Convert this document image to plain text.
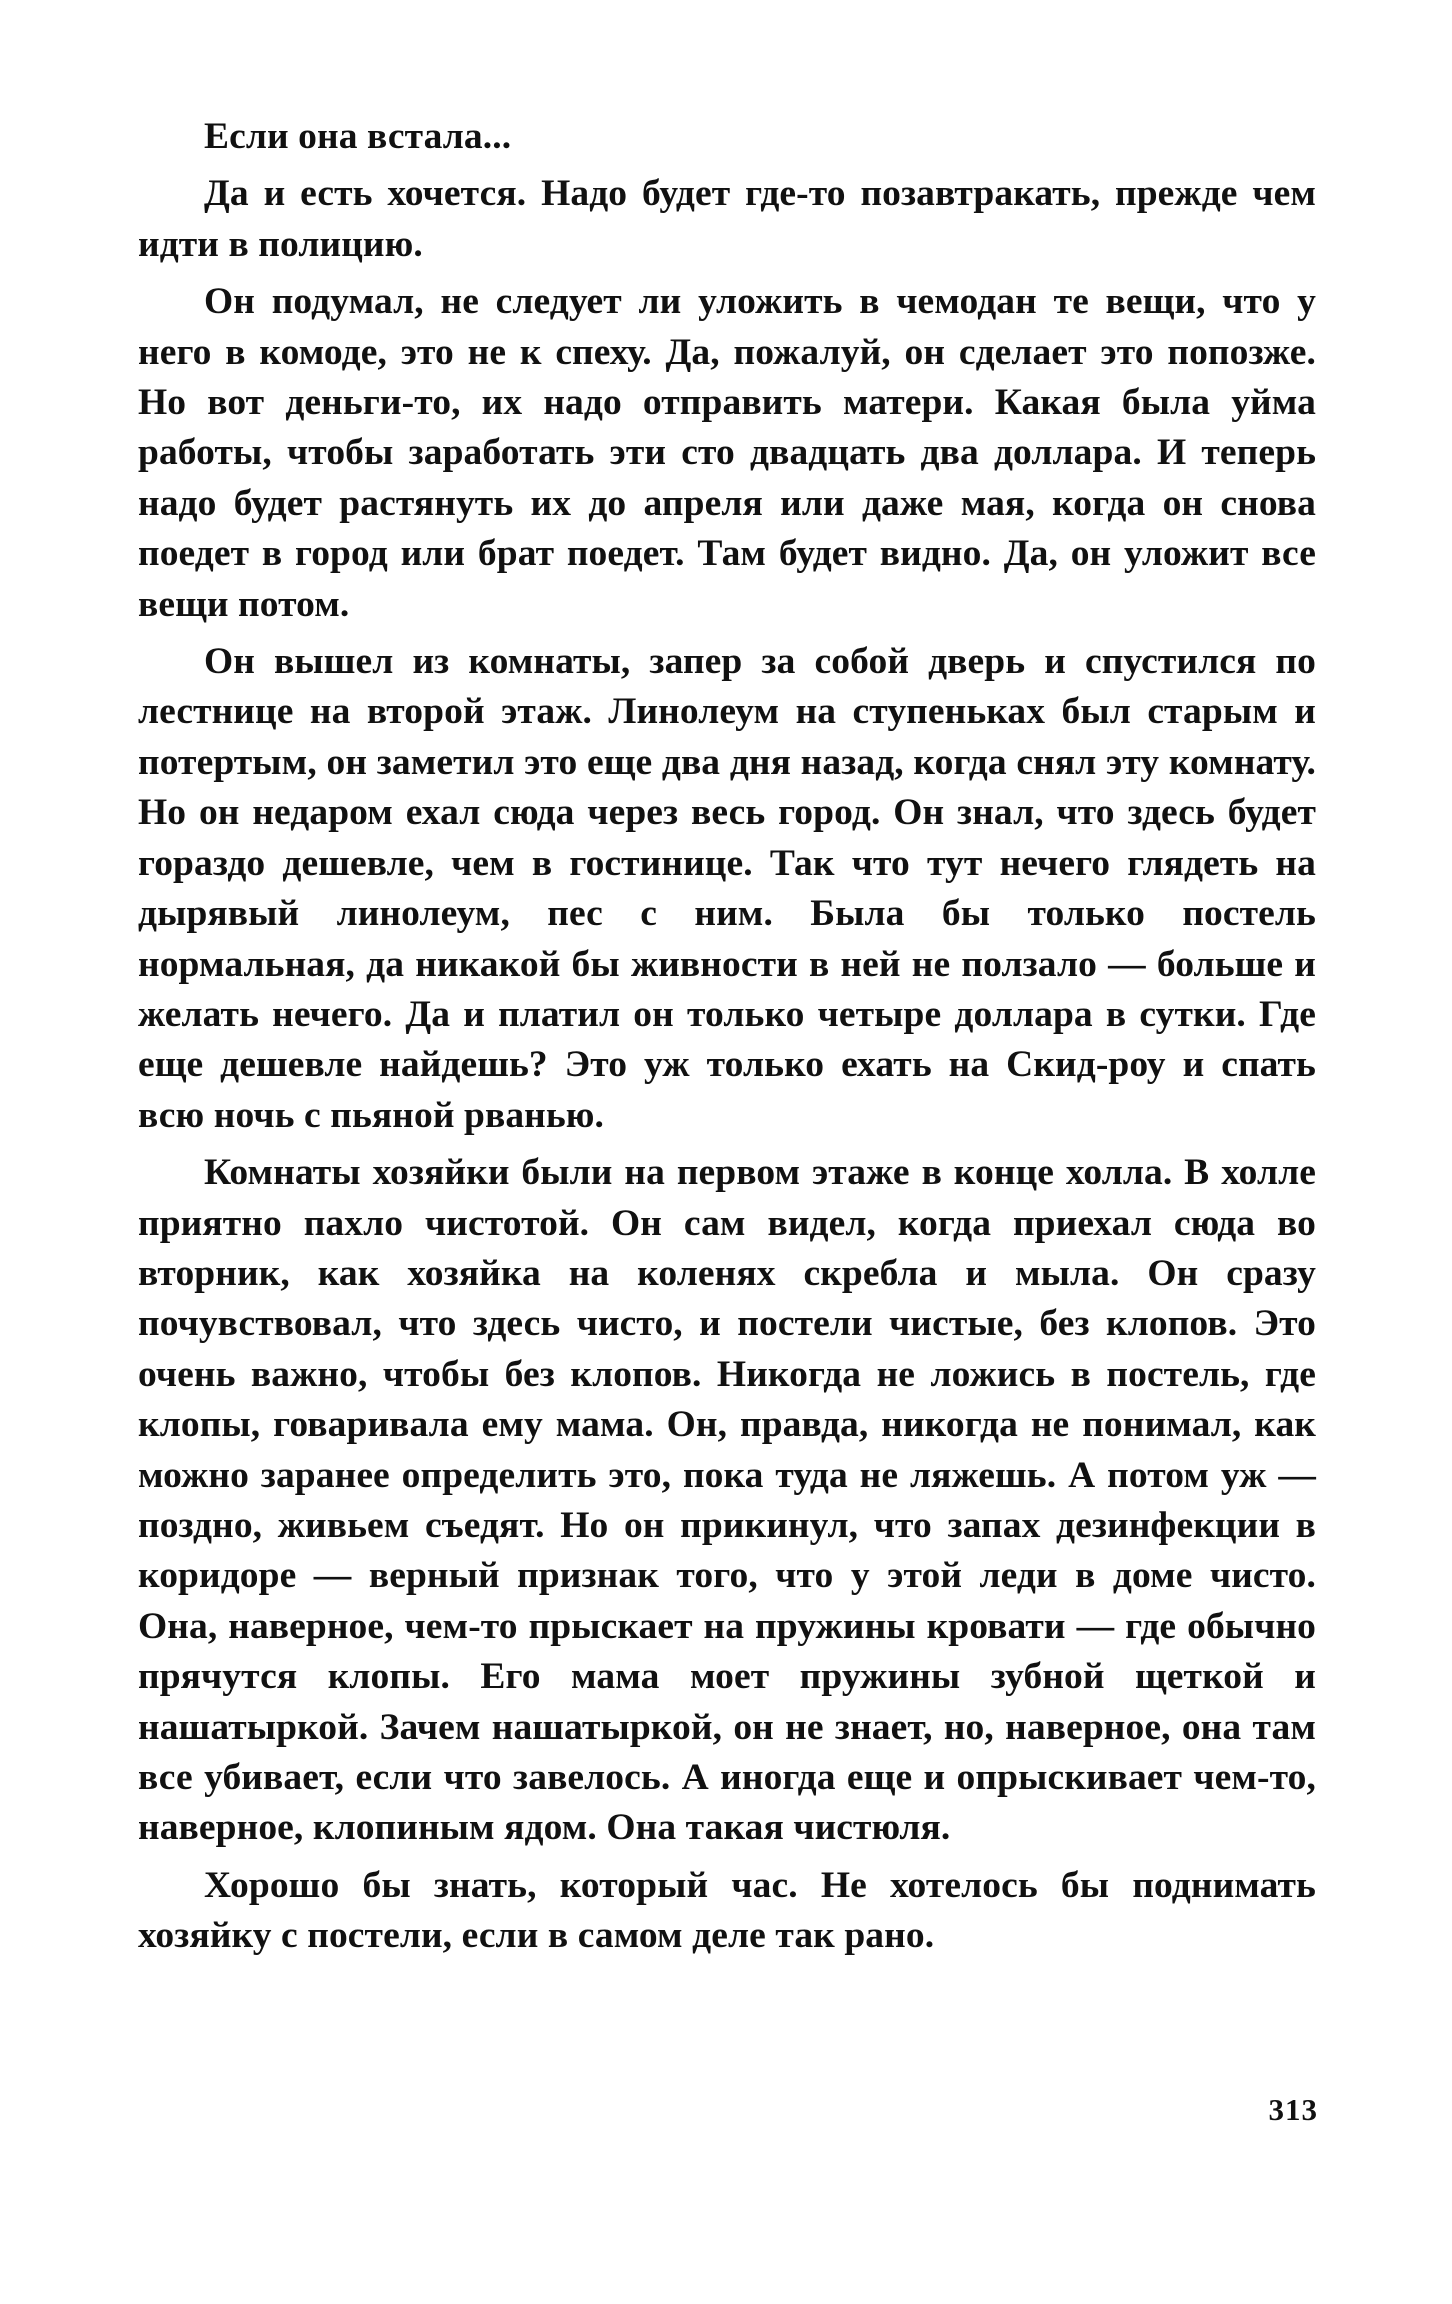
Если она встала...

Да и есть хочется. Надо будет где-то позавтракать, прежде чем идти в полицию.

Он подумал, не следует ли уложить в чемодан те вещи, что у него в комоде, это не к спеху. Да, пожалуй, он сделает это попозже. Но вот деньги-то, их надо отправить матери. Какая была уйма работы, чтобы заработать эти сто двадцать два доллара. И теперь надо будет растянуть их до апреля или даже мая, когда он снова поедет в город или брат поедет. Там будет видно. Да, он уложит все вещи потом.

Он вышел из комнаты, запер за собой дверь и спустился по лестнице на второй этаж. Линолеум на ступеньках был старым и потертым, он заметил это еще два дня назад, когда снял эту комнату. Но он недаром ехал сюда через весь город. Он знал, что здесь будет гораздо дешевле, чем в гостинице. Так что тут нечего глядеть на дырявый линолеум, пес с ним. Была бы только постель нормальная, да никакой бы живности в ней не ползало — больше и желать нечего. Да и платил он только четыре доллара в сутки. Где еще дешевле найдешь? Это уж только ехать на Скид-роу и спать всю ночь с пьяной рванью.

Комнаты хозяйки были на первом этаже в конце холла. В холле приятно пахло чистотой. Он сам видел, когда приехал сюда во вторник, как хозяйка на коленях скребла и мыла. Он сразу почувствовал, что здесь чисто, и постели чистые, без клопов. Это очень важно, чтобы без клопов. Никогда не ложись в постель, где клопы, говаривала ему мама. Он, правда, никогда не понимал, как можно заранее определить это, пока туда не ляжешь. А потом уж — поздно, живьем съедят. Но он прикинул, что запах дезинфекции в коридоре — верный признак того, что у этой леди в доме чисто. Она, наверное, чем-то прыскает на пружины кровати — где обычно прячутся клопы. Его мама моет пружины зубной щеткой и нашатыркой. Зачем нашатыркой, он не знает, но, наверное, она там все убивает, если что завелось. А иногда еще и опрыскивает чем-то, наверное, клопиным ядом. Она такая чистюля.

Хорошо бы знать, который час. Не хотелось бы поднимать хозяйку с постели, если в самом деле так рано.

313
